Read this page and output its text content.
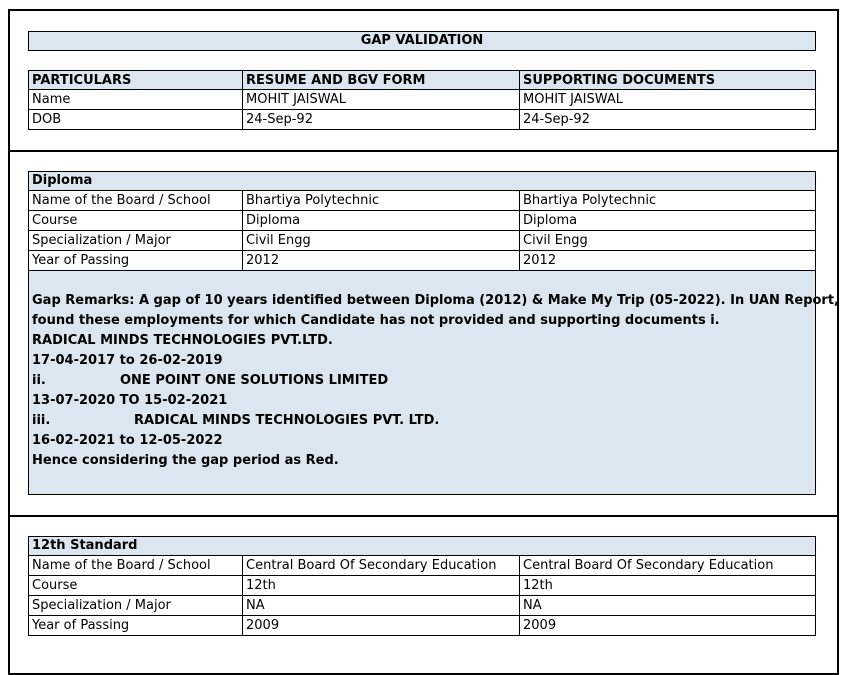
GAP VALIDATION
PARTICULARS	RESUME AND BGV FORM	SUPPORTING DOCUMENTS
Name	MOHIT JAISWAL	MOHIT JAISWAL
DOB	24-Sep-92	24-Sep-92
Diploma
Name of the Board / School	Bhartiya Polytechnic	Bhartiya Polytechnic
Course	Diploma	Diploma
Specialization / Major	Civil Engg	Civil Engg
Year of Passing	2012	2012
Gap Remarks: A gap of 10 years identified between Diploma (2012) & Make My Trip (05-2022). In UAN Report,
found these employments for which Candidate has not provided and supporting documents i.
RADICAL MINDS TECHNOLOGIES PVT.LTD.
17-04-2017 to 26-02-2019
ii.	ONE POINT ONE SOLUTIONS LIMITED
13-07-2020 TO 15-02-2021
iii.	RADICAL MINDS TECHNOLOGIES PVT. LTD.
16-02-2021 to 12-05-2022
Hence considering the gap period as Red.
12th Standard
Name of the Board / School	Central Board Of Secondary Education	Central Board Of Secondary Education
Course	12th	12th
Specialization / Major	NA	NA
Year of Passing	2009	2009
